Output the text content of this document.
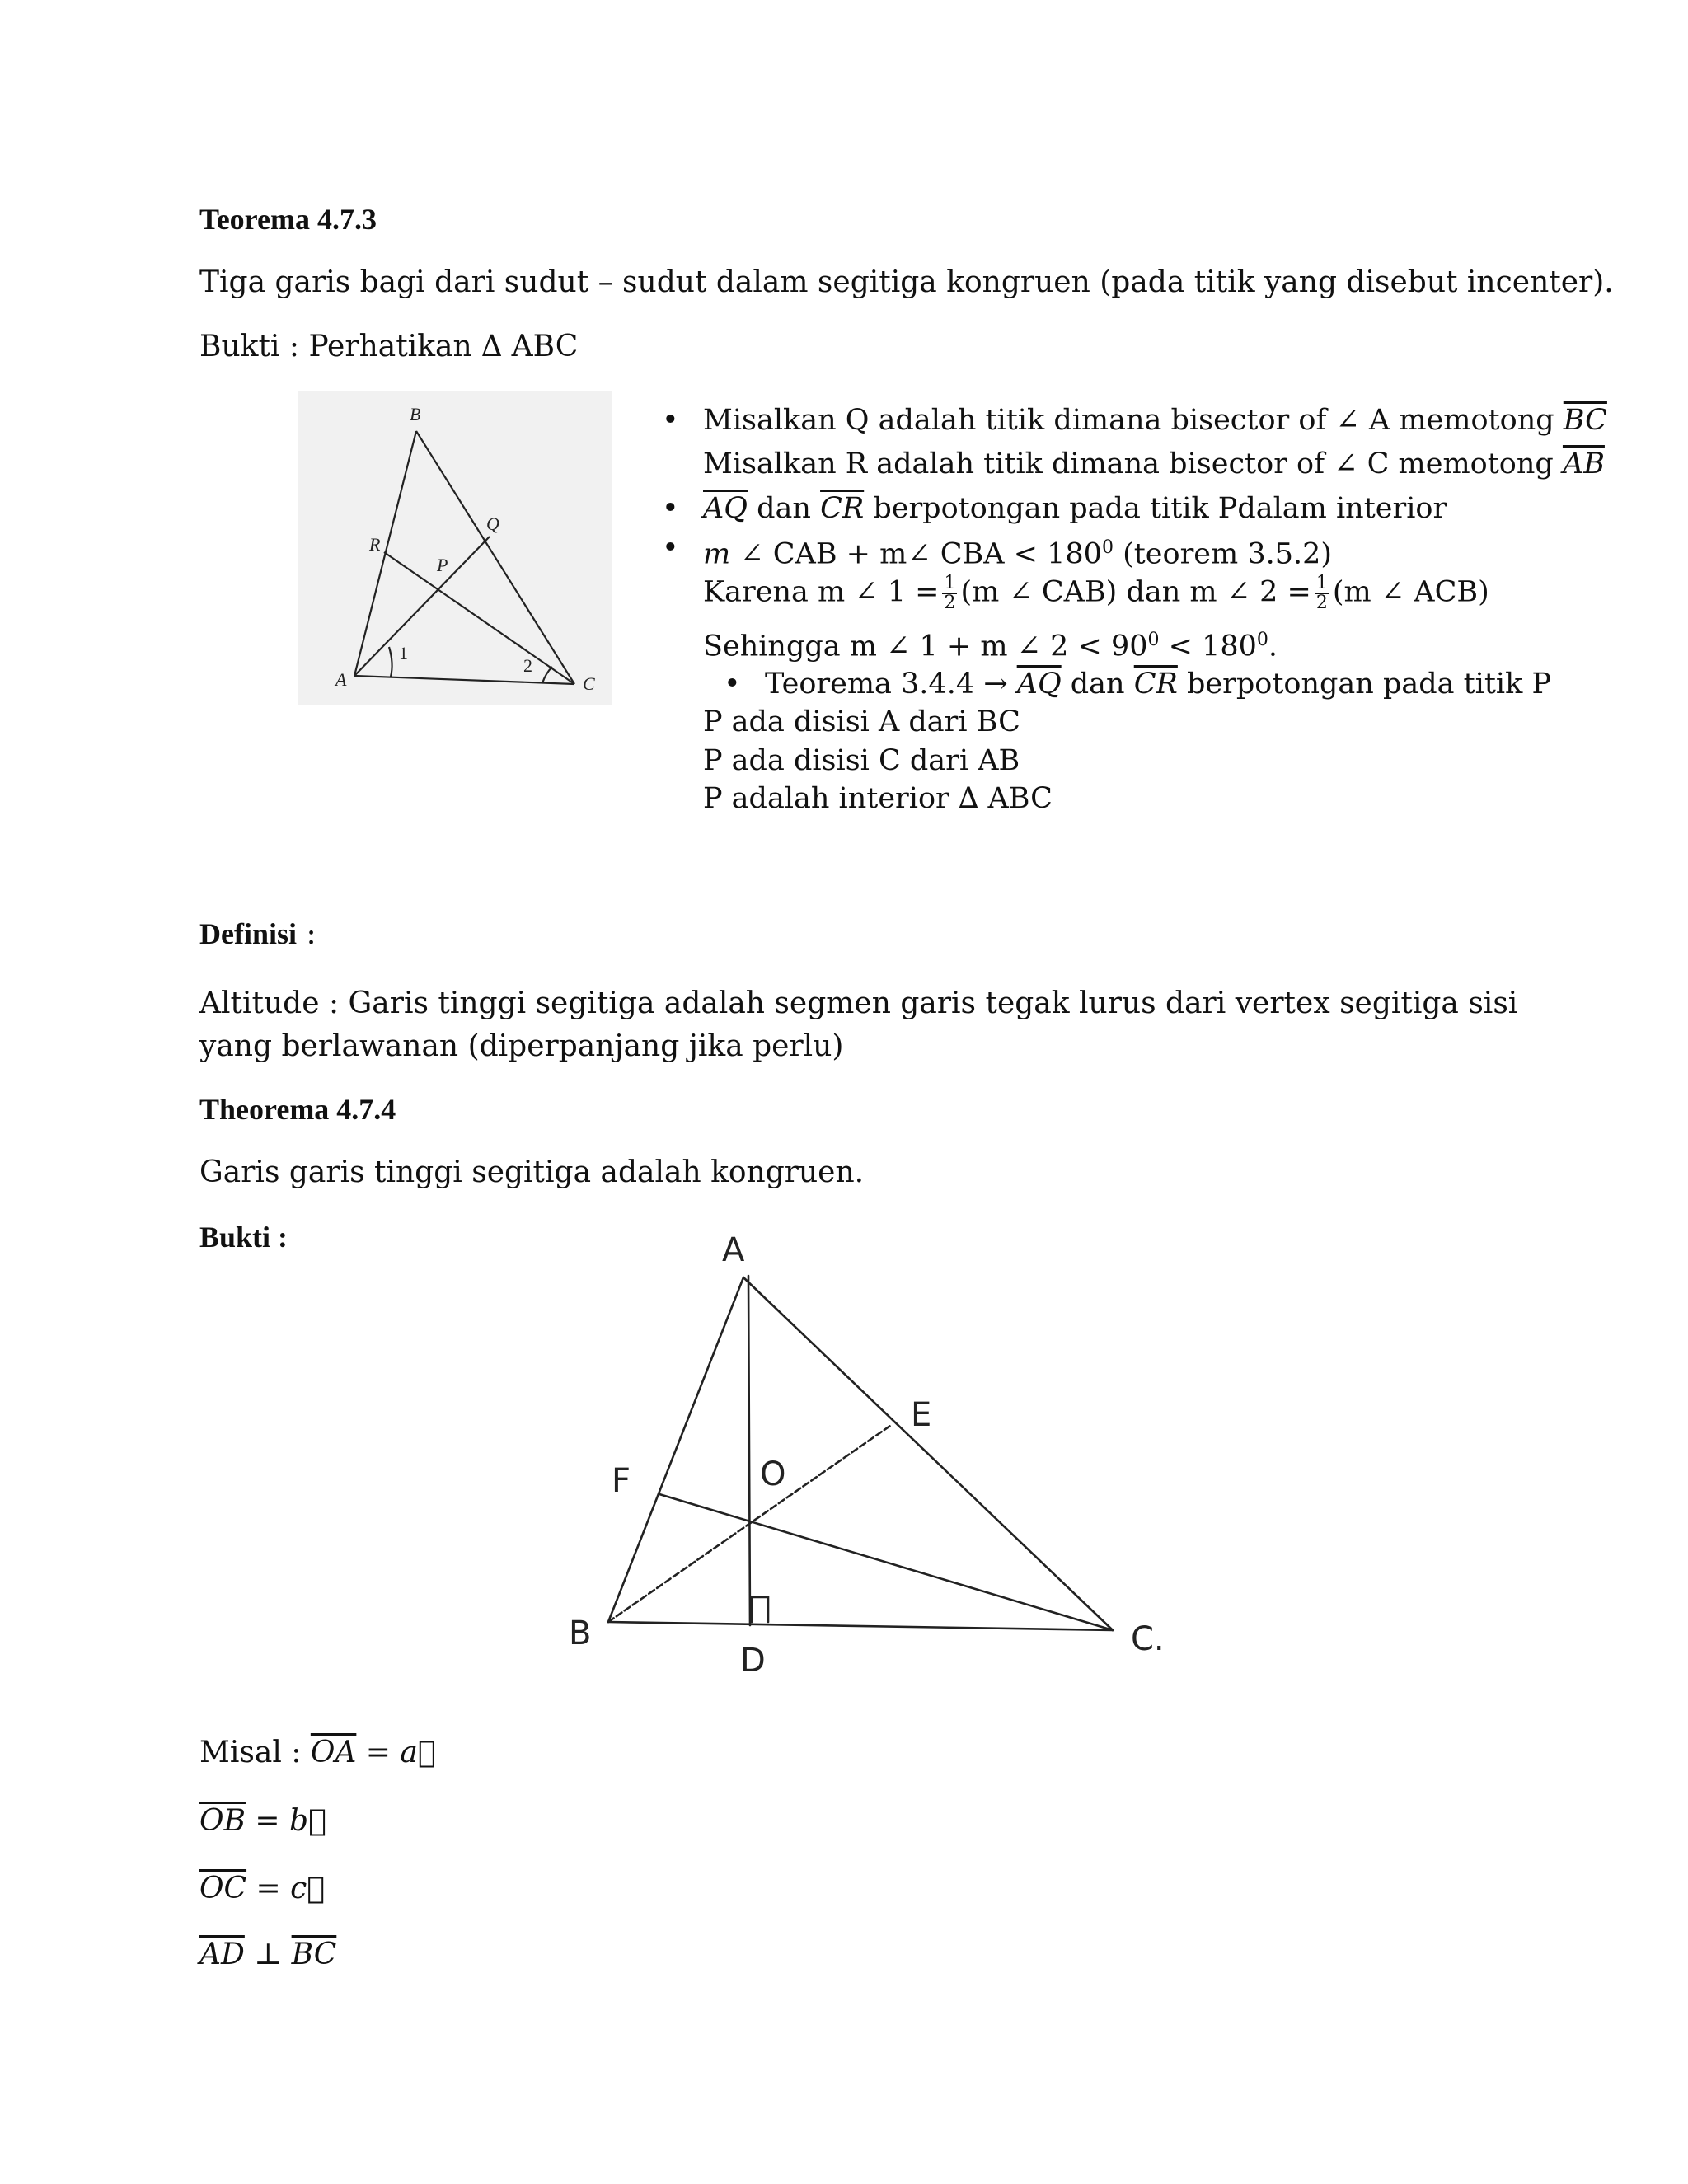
Teorema 4.7.3
Tiga garis bagi dari sudut – sudut dalam segitiga kongruen (pada titik yang disebut incenter).
Bukti : Perhatikan ∆ ABC
B
R
Q
P
A	C
1
2
Misalkan Q adalah titik dimana bisector of ∠ A memotong $\overline{BC}$
Misalkan R adalah titik dimana bisector of ∠ C memotong $\overline{AB}$
$\overline{AQ}$ dan $\overline{CR}$ berpotongan pada titik Pdalam interior
m ∠ CAB + m∠ CBA < $180^0$ (teorem 3.5.2)
Karena m ∠ $1 = \frac{1}{2} (m$ ∠ CAB) dan m ∠ $2 = \frac{1}{2} (m$ ∠ ACB)
Sehingga m ∠ 1 + m ∠ $2 < 90^0 < 180^0$.
Teorema $3.4.4 \to \overline{AQ}$ dan $\overline{CR}$ berpotongan pada titik P
P ada disisi A dari BC
P ada disisi C dari AB
P adalah interior ∆ ABC
Definisi :
Altitude : Garis tinggi segitiga adalah segmen garis tegak lurus dari vertex segitiga sisi yang berlawanan (diperpanjang jika perlu)
Theorema 4.7.4
Garis garis tinggi segitiga adalah kongruen.
Bukti :	A
B	C.
D
E
F	O
Misal : $\overline{OA}$ = a⃗
$\overline{OB}$ = b⃗
$\overline{OC}$ = c⃗
$\overline{AD}$ ⊥ $\overline{BC}$
